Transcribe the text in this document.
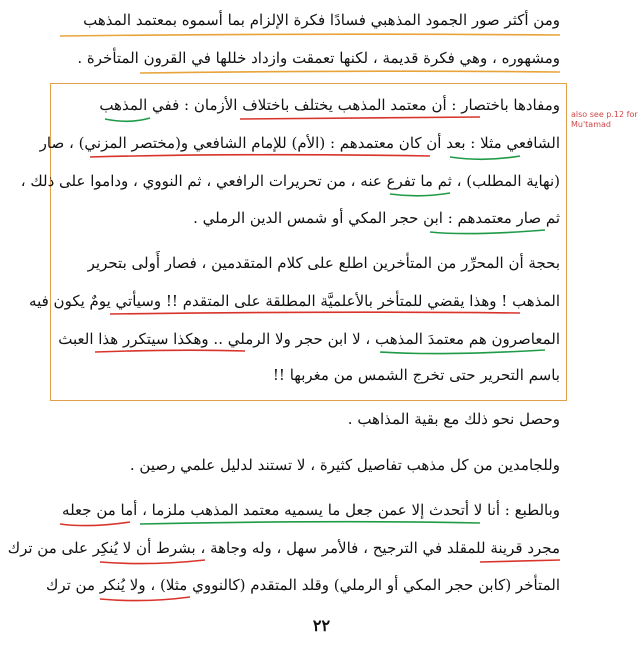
ومن أكثر صور الجمود المذهبي فسادًا فكرة الإلزام بما أسموه بمعتمد المذهب
ومشهوره ، وهي فكرة قديمة ، لكنها تعمقت وازداد خللها في القرون المتأخرة .
ومفادها باختصار : أن معتمد المذهب يختلف باختلاف الأزمان : ففي المذهب
الشافعي مثلا : بعد أن كان معتمدهم : (الأم) للإمام الشافعي و(مختصر المزني) ، صار
(نهاية المطلب) ، ثم ما تفرع عنه ، من تحريرات الرافعي ، ثم النووي ، وداموا على ذلك ،
ثم صار معتمدهم : ابن حجر المكي أو شمس الدين الرملي .
بحجة أن المحرِّر من المتأخرين اطلع على كلام المتقدمين ، فصار أَولى بتحرير
المذهب ! وهذا يقضي للمتأخر بالأعلميَّة المطلقة على المتقدم !! وسيأتي يومٌ يكون فيه
المعاصرون هم معتمدَ المذهب ، لا ابن حجر ولا الرملي .. وهكذا سيتكرر هذا العبث
باسم التحرير حتى تخرج الشمس من مغربها !!
وحصل نحو ذلك مع بقية المذاهب .
وللجامدين من كل مذهب تفاصيل كثيرة ، لا تستند لدليل علمي رصين .
وبالطبع : أنا لا أتحدث إلا عمن جعل ما يسميه معتمد المذهب ملزما ، أما من جعله
مجرد قرينة للمقلد في الترجيح ، فالأمر سهل ، وله وجاهة ، بشرط أن لا يُنكِر على من ترك
المتأخر (كابن حجر المكي أو الرملي) وقلد المتقدم (كالنووي مثلا) ، ولا يُنكر من ترك
also see p.12 for Mu'tamad
٢٢
